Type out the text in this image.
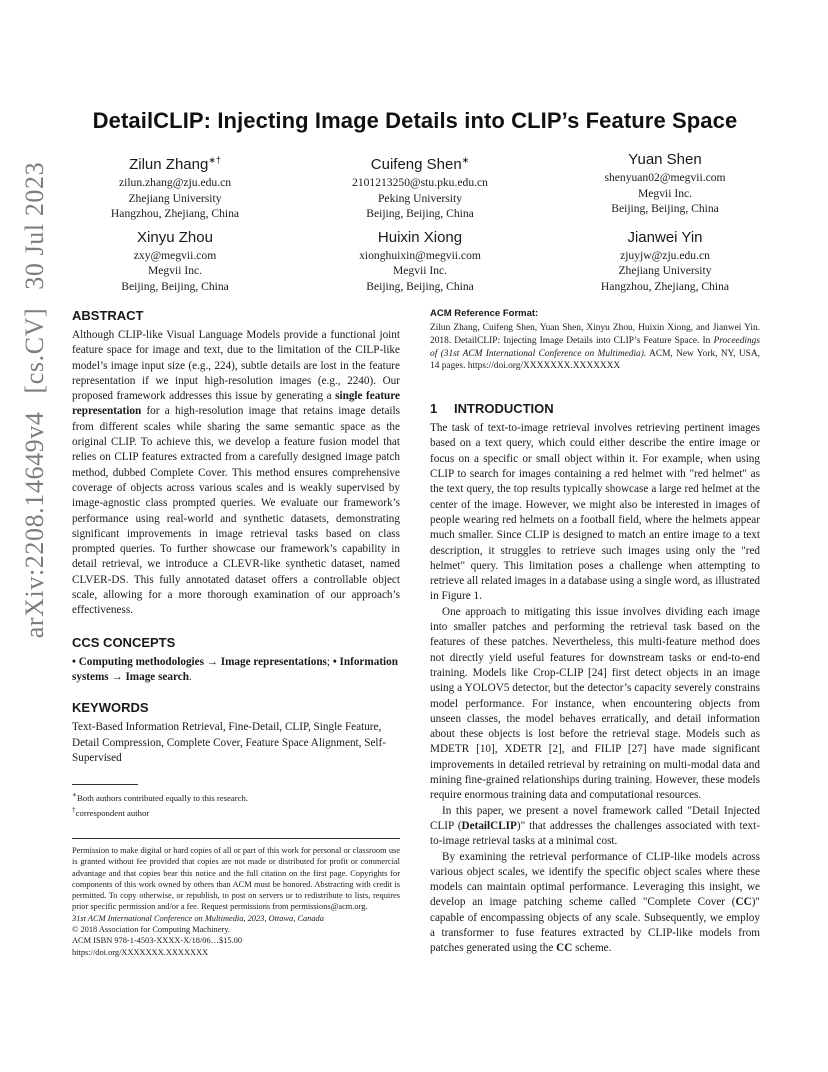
arXiv:2208.14649v4
[cs.CV]
30 Jul 2023
DetailCLIP: Injecting Image Details into CLIP’s Feature Space
Zilun Zhang∗†
zilun.zhang@zju.edu.cn
Zhejiang University
Hangzhou, Zhejiang, China
Cuifeng Shen∗
2101213250@stu.pku.edu.cn
Peking University
Beijing, Beijing, China
Yuan Shen
shenyuan02@megvii.com
Megvii Inc.
Beijing, Beijing, China
Xinyu Zhou
zxy@megvii.com
Megvii Inc.
Beijing, Beijing, China
Huixin Xiong
xionghuixin@megvii.com
Megvii Inc.
Beijing, Beijing, China
Jianwei Yin
zjuyjw@zju.edu.cn
Zhejiang University
Hangzhou, Zhejiang, China
ABSTRACT

Although CLIP-like Visual Language Models provide a functional joint feature space for image and text, due to the limitation of the CILP-like model’s image input size (e.g., 224), subtle details are lost in the feature representation if we input high-resolution images (e.g., 2240). Our proposed framework addresses this issue by generating a single feature representation for a high-resolution image that retains image details from different scales while sharing the same semantic space as the original CLIP. To achieve this, we develop a feature fusion model that relies on CLIP features extracted from a carefully designed image patch method, dubbed Complete Cover. This method ensures comprehensive coverage of objects across various scales and is weakly supervised by image-agnostic class prompted queries. We evaluate our framework’s performance using real-world and synthetic datasets, demonstrating significant improvements in image retrieval tasks based on class prompted queries. To further showcase our framework’s capability in detail retrieval, we introduce a CLEVR-like synthetic dataset, named CLVER-DS. This fully annotated dataset offers a controllable object scale, allowing for a more thorough examination of our approach’s effectiveness.

CCS CONCEPTS

• Computing methodologies → Image representations; • Information systems → Image search.

KEYWORDS

Text-Based Information Retrieval, Fine-Detail, CLIP, Single Feature, Detail Compression, Complete Cover, Feature Space Alignment, Self-Supervised

∗Both authors contributed equally to this research.

†correspondent author

Permission to make digital or hard copies of all or part of this work for personal or classroom use is granted without fee provided that copies are not made or distributed for profit or commercial advantage and that copies bear this notice and the full citation on the first page. Copyrights for components of this work owned by others than ACM must be honored. Abstracting with credit is permitted. To copy otherwise, or republish, to post on servers or to redistribute to lists, requires prior specific permission and/or a fee. Request permissions from permissions@acm.org.

31st ACM International Conference on Multimedia, 2023, Ottawa, Canada

© 2018 Association for Computing Machinery.

ACM ISBN 978-1-4503-XXXX-X/18/06…$15.00

https://doi.org/XXXXXXX.XXXXXXX

ACM Reference Format:

Zilun Zhang, Cuifeng Shen, Yuan Shen, Xinyu Zhou, Huixin Xiong, and Jianwei Yin. 2018. DetailCLIP: Injecting Image Details into CLIP’s Feature Space. In Proceedings of (31st ACM International Conference on Multimedia). ACM, New York, NY, USA, 14 pages. https://doi.org/XXXXXXX.XXXXXXX

1 INTRODUCTION

The task of text-to-image retrieval involves retrieving pertinent images based on a text query, which could either describe the entire image or focus on a specific or small object within it. For example, when using CLIP to search for images containing a red helmet with "red helmet" as the text query, the top results typically showcase a large red helmet at the center of the image. However, we might also be interested in images of people wearing red helmets on a football field, where the helmets appear much smaller. Since CLIP is designed to match an entire image to a text description, it struggles to retrieve such images using only the "red helmet" query. This limitation poses a challenge when attempting to retrieve all related images in a database using a single word, as illustrated in Figure 1.

One approach to mitigating this issue involves dividing each image into smaller patches and performing the retrieval task based on the features of these patches. Nevertheless, this multi-feature method does not directly yield useful features for downstream tasks or end-to-end training. Models like Crop-CLIP [24] first detect objects in an image using a YOLOV5 detector, but the detector’s capacity severely constrains model performance. For instance, when encountering objects from unseen classes, the model behaves erratically, and detail information about these objects is lost before the retrieval stage. Models such as MDETR [10], XDETR [2], and FILIP [27] have made significant improvements in detailed retrieval by retraining on multi-modal data and mining fine-grained relationships during training. However, these models require enormous training data and computational resources.

In this paper, we present a novel framework called "Detail Injected CLIP (DetailCLIP)" that addresses the challenges associated with text-to-image retrieval tasks at a minimal cost.

By examining the retrieval performance of CLIP-like models across various object scales, we identify the specific object scales where these models can maintain optimal performance. Leveraging this insight, we develop an image patching scheme called "Complete Cover (CC)" capable of encompassing objects of any scale. Subsequently, we employ a transformer to fuse features extracted by CLIP-like models from patches generated using the CC scheme.
